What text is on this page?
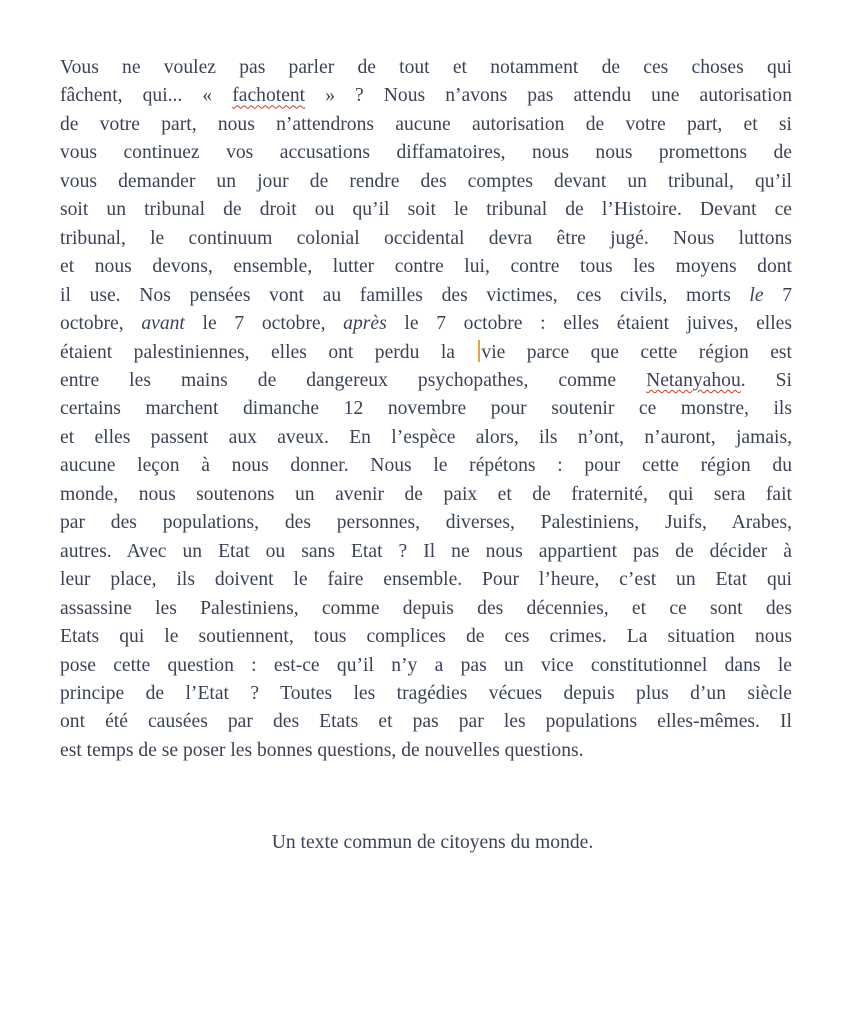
Vous ne voulez pas parler de tout et notamment de ces choses qui
fâchent, qui... « fachotent » ? Nous n’avons pas attendu une autorisation
de votre part, nous n’attendrons aucune autorisation de votre part, et si
vous continuez vos accusations diffamatoires, nous nous promettons de
vous demander un jour de rendre des comptes devant un tribunal, qu’il
soit un tribunal de droit ou qu’il soit le tribunal de l’Histoire. Devant ce
tribunal, le continuum colonial occidental devra être jugé. Nous luttons
et nous devons, ensemble, lutter contre lui, contre tous les moyens dont
il use. Nos pensées vont au familles des victimes, ces civils, morts le 7
octobre, avant le 7 octobre, après le 7 octobre : elles étaient juives, elles
étaient palestiniennes, elles ont perdu la vie parce que cette région est
entre les mains de dangereux psychopathes, comme Netanyahou. Si
certains marchent dimanche 12 novembre pour soutenir ce monstre, ils
et elles passent aux aveux. En l’espèce alors, ils n’ont, n’auront, jamais,
aucune leçon à nous donner. Nous le répétons : pour cette région du
monde, nous soutenons un avenir de paix et de fraternité, qui sera fait
par des populations, des personnes, diverses, Palestiniens, Juifs, Arabes,
autres. Avec un Etat ou sans Etat ? Il ne nous appartient pas de décider à
leur place, ils doivent le faire ensemble. Pour l’heure, c’est un Etat qui
assassine les Palestiniens, comme depuis des décennies, et ce sont des
Etats qui le soutiennent, tous complices de ces crimes. La situation nous
pose cette question : est-ce qu’il n’y a pas un vice constitutionnel dans le
principe de l’Etat ? Toutes les tragédies vécues depuis plus d’un siècle
ont été causées par des Etats et pas par les populations elles-mêmes. Il
est temps de se poser les bonnes questions, de nouvelles questions.
Un texte commun de citoyens du monde.
